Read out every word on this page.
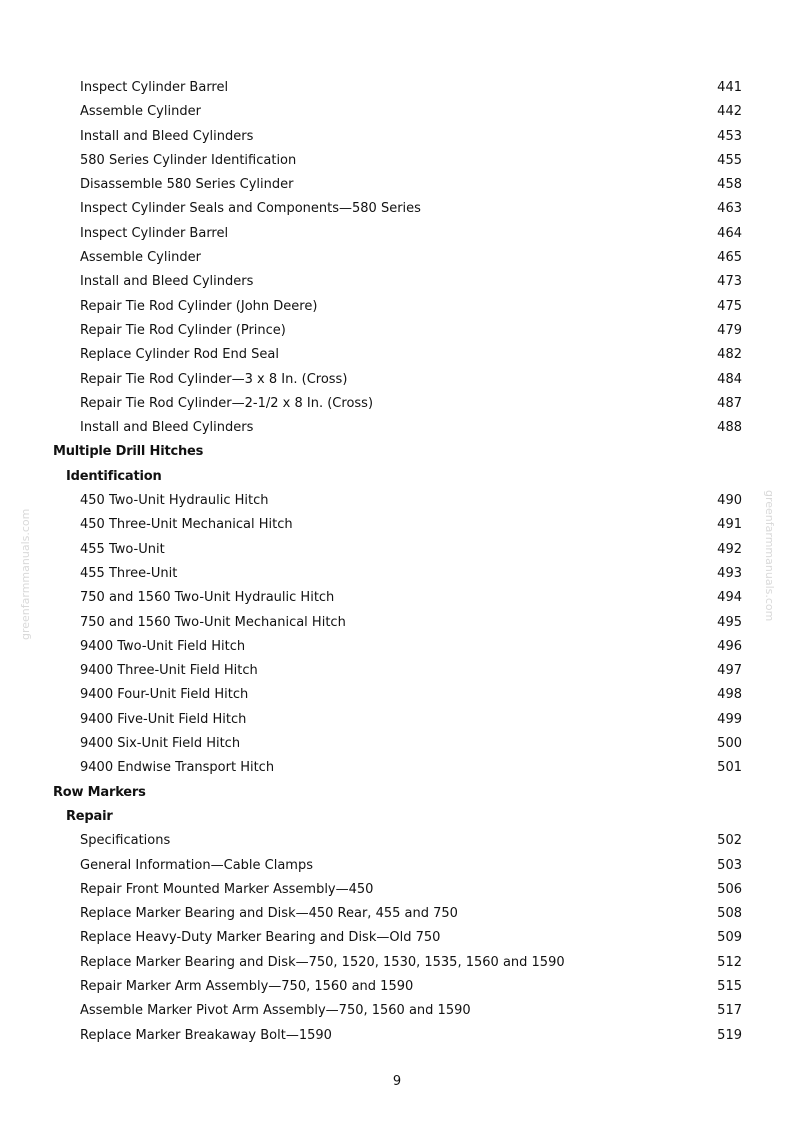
Inspect Cylinder Barrel	441
Assemble Cylinder	442
Install and Bleed Cylinders	453
580 Series Cylinder Identification	455
Disassemble 580 Series Cylinder	458
Inspect Cylinder Seals and Components—580 Series	463
Inspect Cylinder Barrel	464
Assemble Cylinder	465
Install and Bleed Cylinders	473
Repair Tie Rod Cylinder (John Deere)	475
Repair Tie Rod Cylinder (Prince)	479
Replace Cylinder Rod End Seal	482
Repair Tie Rod Cylinder—3 x 8 In. (Cross)	484
Repair Tie Rod Cylinder—2-1/2 x 8 In. (Cross)	487
Install and Bleed Cylinders	488
Multiple Drill Hitches
Identification
450 Two-Unit Hydraulic Hitch	490
450 Three-Unit Mechanical Hitch	491
455 Two-Unit	492
455 Three-Unit	493
750 and 1560 Two-Unit Hydraulic Hitch	494
750 and 1560 Two-Unit Mechanical Hitch	495
9400 Two-Unit Field Hitch	496
9400 Three-Unit Field Hitch	497
9400 Four-Unit Field Hitch	498
9400 Five-Unit Field Hitch	499
9400 Six-Unit Field Hitch	500
9400 Endwise Transport Hitch	501
Row Markers
Repair
Specifications	502
General Information—Cable Clamps	503
Repair Front Mounted Marker Assembly—450	506
Replace Marker Bearing and Disk—450 Rear, 455 and 750	508
Replace Heavy-Duty Marker Bearing and Disk—Old 750	509
Replace Marker Bearing and Disk—750, 1520, 1530, 1535, 1560 and 1590	512
Repair Marker Arm Assembly—750, 1560 and 1590	515
Assemble Marker Pivot Arm Assembly—750, 1560 and 1590	517
Replace Marker Breakaway Bolt—1590	519
greenfarmmanuals.com	greenfarmmanuals.com
9
